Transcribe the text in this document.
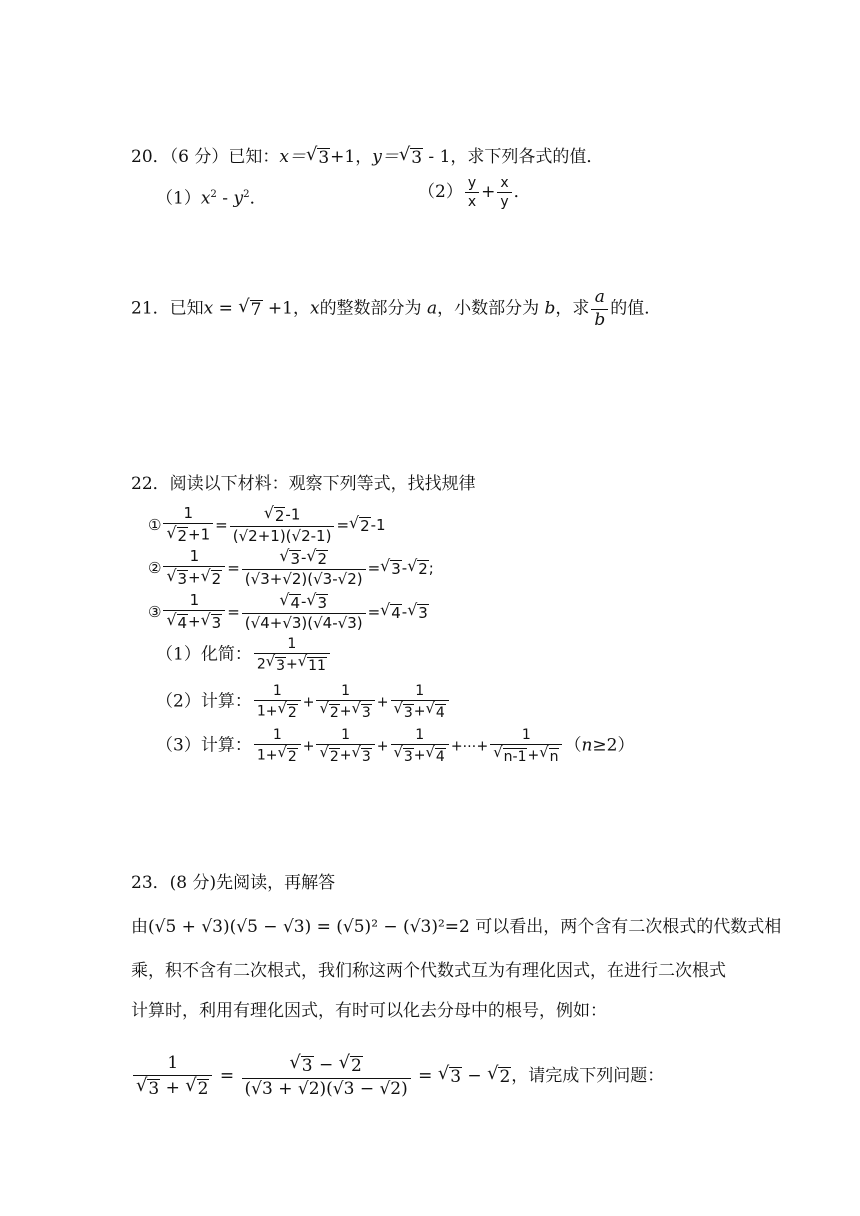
20．（6 分）已知：x＝ √ 3 +1，y＝ √ 3 - 1，求下列各式的值．
$(1)x^2 - y^2$．	$(2) \frac{y}{x} + \frac{x}{y}$ ．
21．已知x = √ 7 +1，x的整数部分为 a，小数部分为 b，求 $\frac{a}{b}$ 的值．
22．阅读以下材料：观察下列等式，找找规律
① $\frac{1}{√ 2 +1} = \frac{√ 2 -1}{(√2+1)(√2-1)}$ = √ 2 -1
② $\frac{1}{√ 3 + √ 2} = \frac{√ 3 - √ 2}{(√3+√2)(√3-√2)}$ = √ 3 - √ 2 ;
③ $\frac{1}{√ 4 + √ 3} = \frac{√ 4 - √ 3}{(√4+√3)(√4-√3)}$ = √ 4 - √ 3
（1）化简： $\frac{1}{2 √ 3 + √ 11}$
（2）计算： $\frac{1}{1+ √ 2} + \frac{1}{√ 2 + √ 3} + \frac{1}{√ 3 + √ 4}$
（3）计算： $\frac{1}{1+ √ 2} + \frac{1}{√ 2 + √ 3} + \frac{1}{√ 3 + √ 4}$ +⋯+ $\frac{1}{√ n-1 + √ n} (n\ge 2)$
23．(8 分)先阅读，再解答
由(√5 + √3)(√5 − √3) = (√5)² − (√3)²=2 可以看出，两个含有二次根式的代数式相
乘，积不含有二次根式，我们称这两个代数式互为有理化因式，在进行二次根式
计算时，利用有理化因式，有时可以化去分母中的根号，例如：
$\frac{1}{√ 3 + √ 2} = \frac{√ 3 - √ 2}{(√3 + √2)(√3 - √2)}$ = √ 3 − √ 2 ，请完成下列问题：
